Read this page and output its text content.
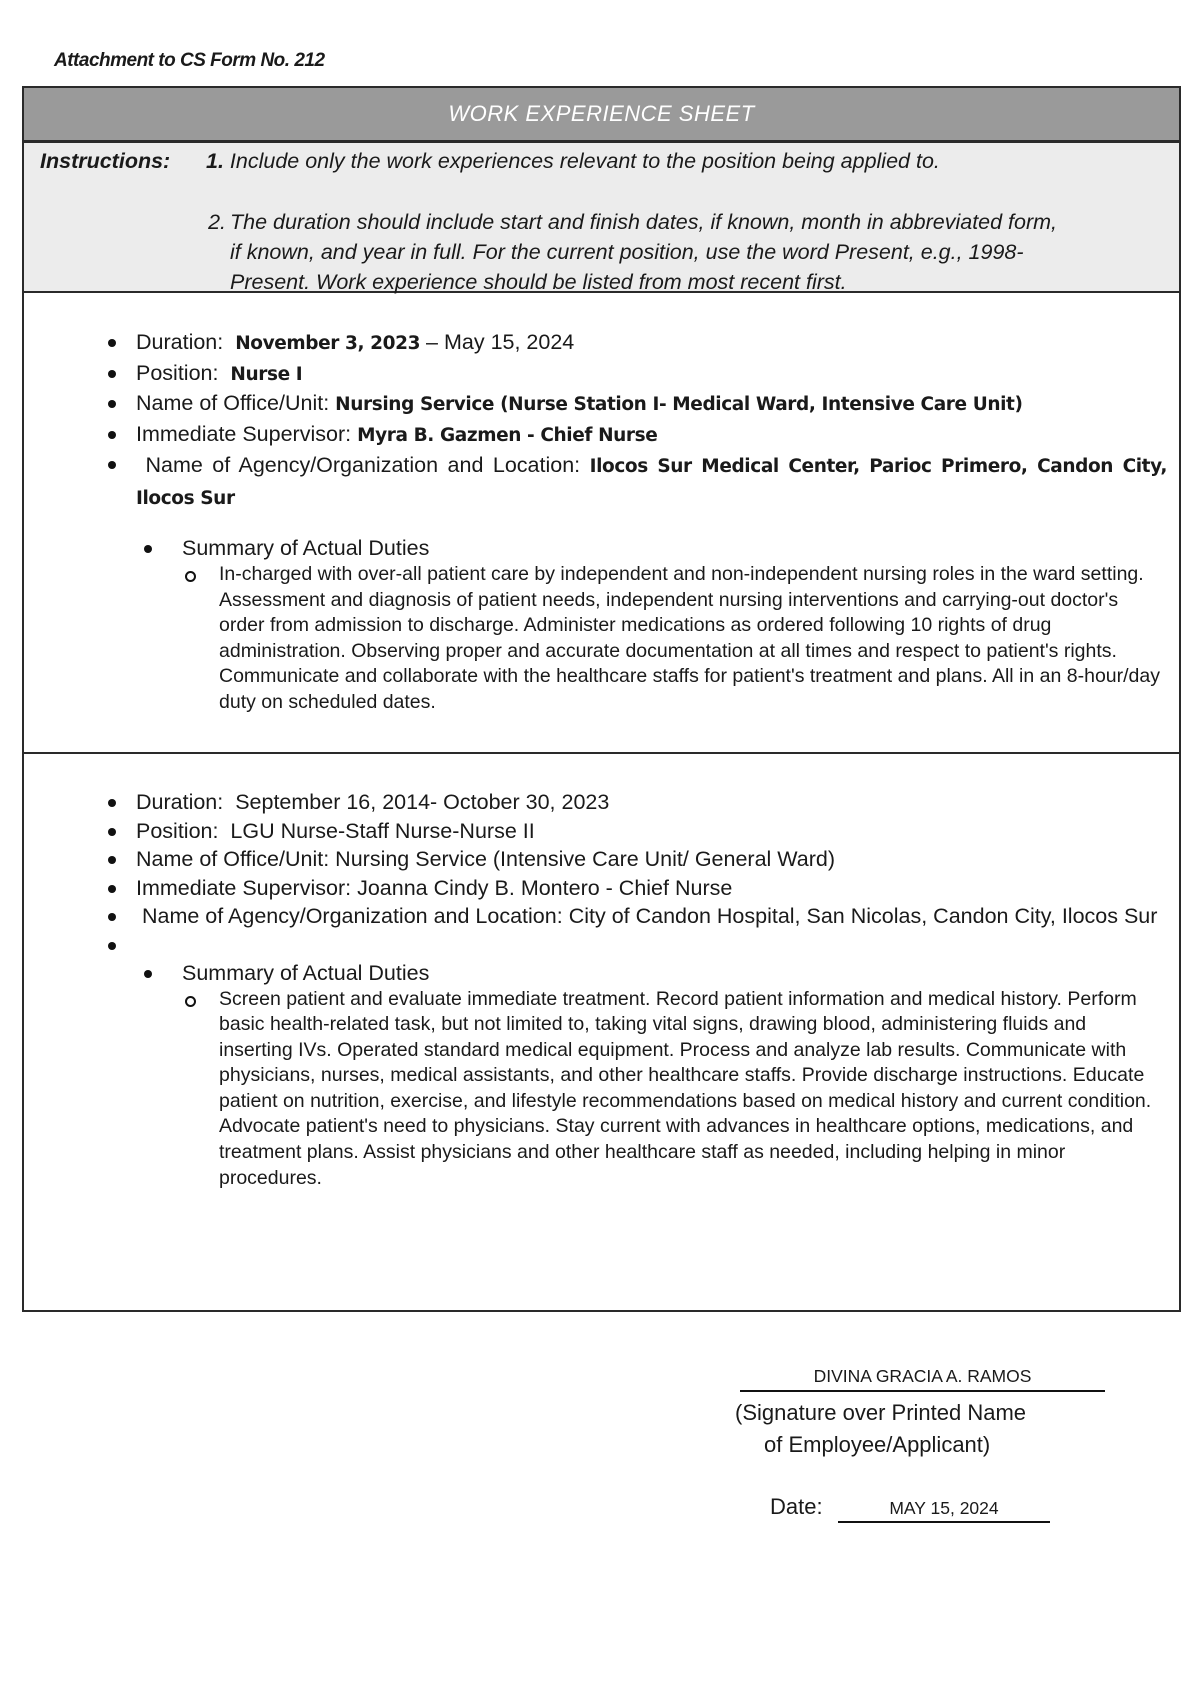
Attachment to CS Form No. 212
WORK EXPERIENCE SHEET
Instructions: 1. Include only the work experiences relevant to the position being applied to.
2. The duration should include start and finish dates, if known, month in abbreviated form,
if known, and year in full. For the current position, use the word Present, e.g., 1998-
Present. Work experience should be listed from most recent first.
Duration: November 3, 2023 – May 15, 2024
Position: Nurse I
Name of Office/Unit: Nursing Service (Nurse Station I- Medical Ward, Intensive Care Unit)
Immediate Supervisor: Myra B. Gazmen - Chief Nurse
Name of Agency/Organization and Location: Ilocos Sur Medical Center, Parioc Primero, Candon City, Ilocos Sur
Summary of Actual Duties
In-charged with over-all patient care by independent and non-independent nursing roles in the ward setting. Assessment and diagnosis of patient needs, independent nursing interventions and carrying-out doctor's order from admission to discharge. Administer medications as ordered following 10 rights of drug administration. Observing proper and accurate documentation at all times and respect to patient's rights. Communicate and collaborate with the healthcare staffs for patient's treatment and plans. All in an 8-hour/day duty on scheduled dates.
Duration: September 16, 2014- October 30, 2023
Position: LGU Nurse-Staff Nurse-Nurse II
Name of Office/Unit: Nursing Service (Intensive Care Unit/ General Ward)
Immediate Supervisor: Joanna Cindy B. Montero - Chief Nurse
Name of Agency/Organization and Location: City of Candon Hospital, San Nicolas, Candon City, Ilocos Sur
Summary of Actual Duties
Screen patient and evaluate immediate treatment. Record patient information and medical history. Perform basic health-related task, but not limited to, taking vital signs, drawing blood, administering fluids and inserting IVs. Operated standard medical equipment. Process and analyze lab results. Communicate with physicians, nurses, medical assistants, and other healthcare staffs. Provide discharge instructions. Educate patient on nutrition, exercise, and lifestyle recommendations based on medical history and current condition. Advocate patient's need to physicians. Stay current with advances in healthcare options, medications, and treatment plans. Assist physicians and other healthcare staff as needed, including helping in minor procedures.
DIVINA GRACIA A. RAMOS
(Signature over Printed Name
of Employee/Applicant)
Date:	MAY 15, 2024
